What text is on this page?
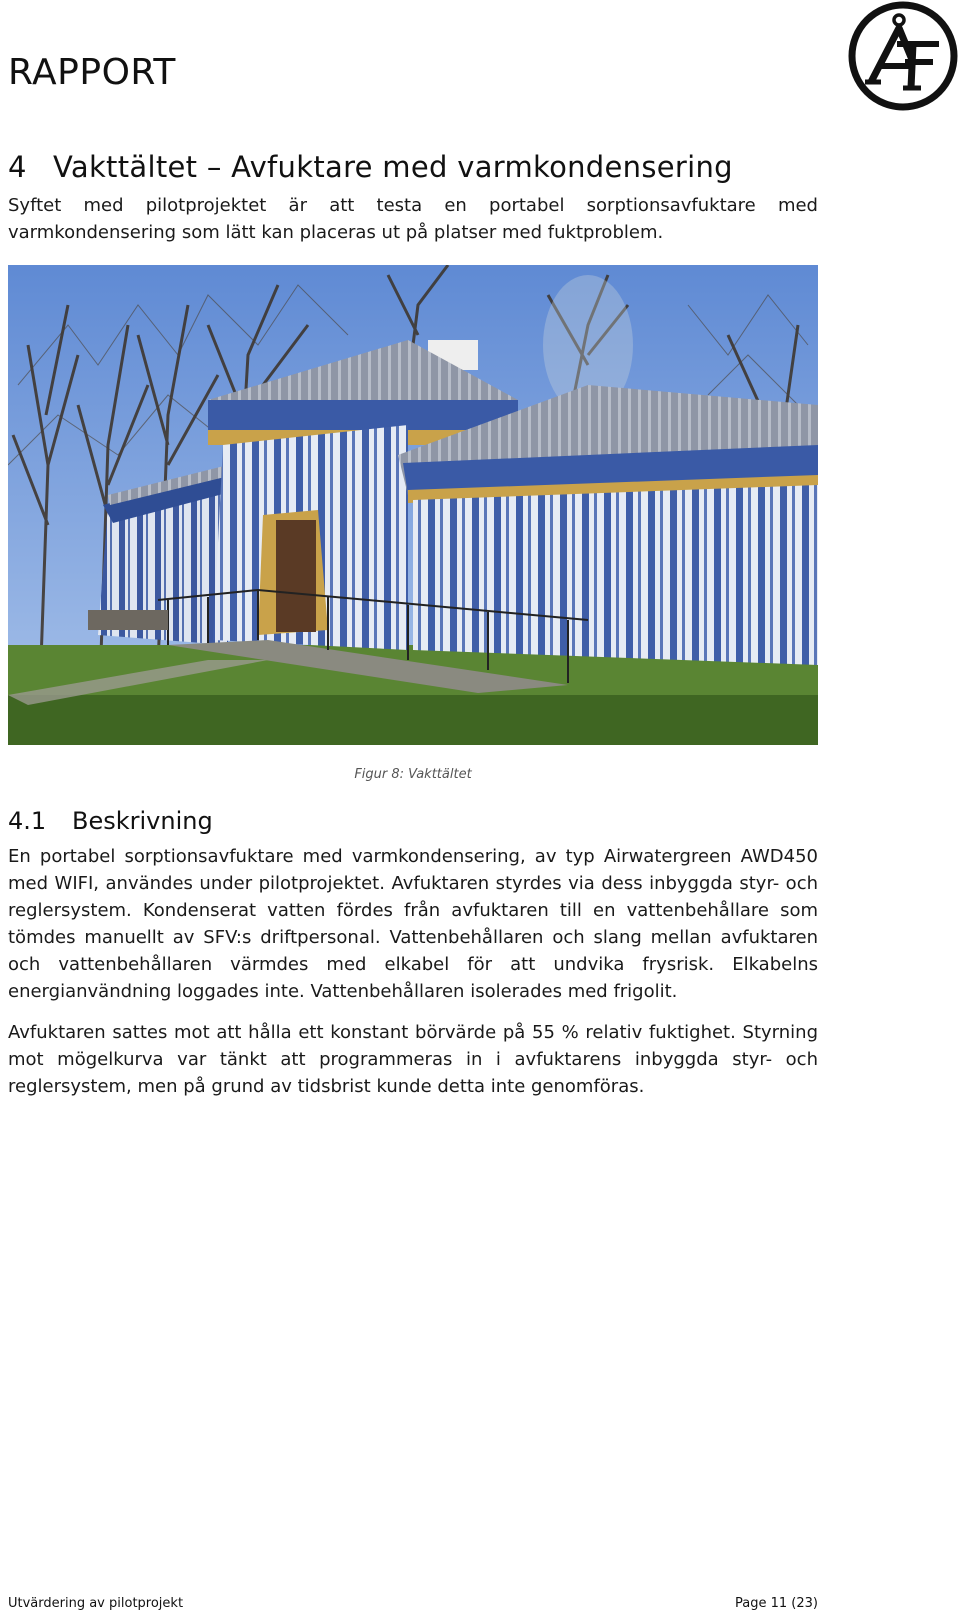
RAPPORT
4 Vakttältet – Avfuktare med varmkondensering

Syftet med pilotprojektet är att testa en portabel sorptionsavfuktare med varmkondensering som lätt kan placeras ut på platser med fuktproblem.

Figur 8: Vakttältet
4.1 Beskrivning

En portabel sorptionsavfuktare med varmkondensering, av typ Airwatergreen AWD450 med WIFI, användes under pilotprojektet. Avfuktaren styrdes via dess inbyggda styr- och reglersystem. Kondenserat vatten fördes från avfuktaren till en vattenbehållare som tömdes manuellt av SFV:s driftpersonal. Vattenbehållaren och slang mellan avfuktaren och vattenbehållaren värmdes med elkabel för att undvika frysrisk. Elkabelns energianvändning loggades inte. Vattenbehållaren isolerades med frigolit.

Avfuktaren sattes mot att hålla ett konstant börvärde på 55 % relativ fuktighet. Styrning mot mögelkurva var tänkt att programmeras in i avfuktarens inbyggda styr- och reglersystem, men på grund av tidsbrist kunde detta inte genomföras.

Utvärdering av pilotprojekt	Page 11 (23)
